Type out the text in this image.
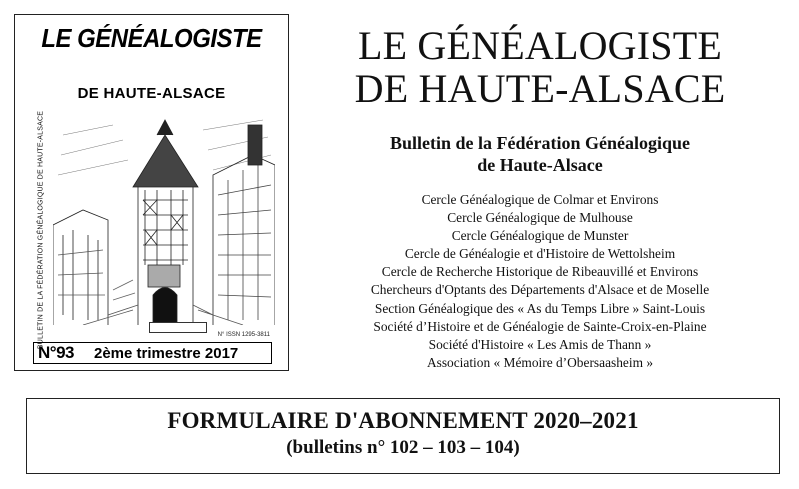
LE GÉNÉALOGISTE
DE HAUTE-ALSACE
BULLETIN DE LA FÉDÉRATION GÉNÉALOGIQUE DE HAUTE-ALSACE	N° ISSN 1295-3811
N°93	2ème trimestre 2017
LE GÉNÉALOGISTE
DE HAUTE-ALSACE
Bulletin de la Fédération Généalogique
de Haute-Alsace
Cercle Généalogique de Colmar et Environs
Cercle Généalogique de Mulhouse
Cercle Généalogique de Munster
Cercle de Généalogie et d'Histoire de Wettolsheim
Cercle de Recherche Historique de Ribeauvillé et Environs
Chercheurs d'Optants des Départements d'Alsace et de Moselle
Section Généalogique des « As du Temps Libre » Saint-Louis
Société d’Histoire et de Généalogie de Sainte-Croix-en-Plaine
Société d'Histoire « Les Amis de Thann »
Association « Mémoire d’Obersaasheim »
FORMULAIRE D'ABONNEMENT 2020–2021
(bulletins n° 102 – 103 – 104)
